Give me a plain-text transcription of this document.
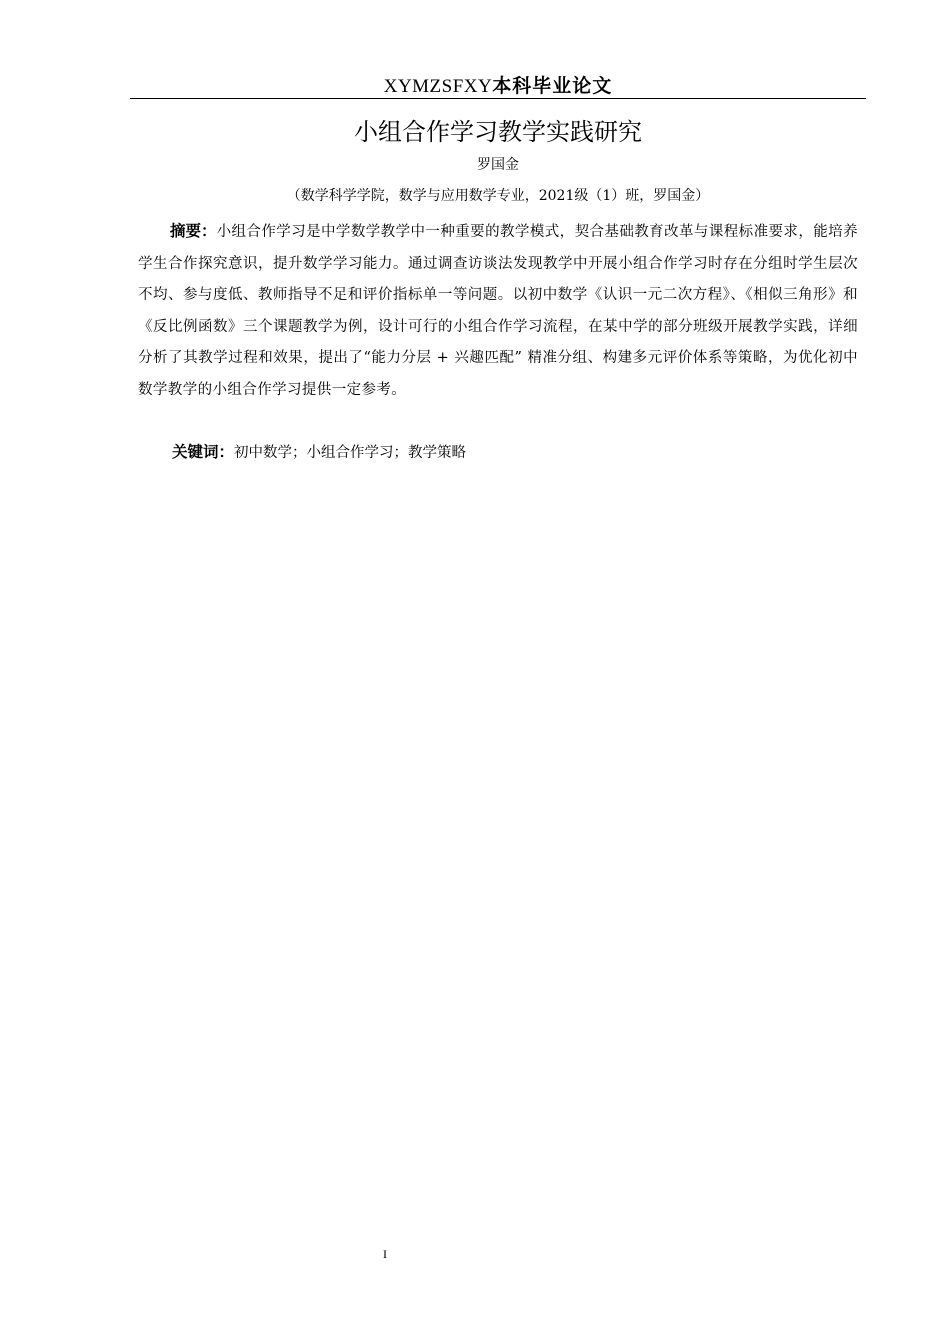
XYMZSFXY本科毕业论文
小组合作学习教学实践研究
罗国金
（数学科学学院，数学与应用数学专业，2021级（1）班，罗国金）
摘要：小组合作学习是中学数学教学中一种重要的教学模式，契合基础教育改革与课程标准要求，能培养学生合作探究意识，提升数学学习能力。通过调查访谈法发现教学中开展小组合作学习时存在分组时学生层次不均、参与度低、教师指导不足和评价指标单一等问题。以初中数学《认识一元二次方程》、《相似三角形》和《反比例函数》三个课题教学为例，设计可行的小组合作学习流程，在某中学的部分班级开展教学实践，详细分析了其教学过程和效果，提出了“能力分层 + 兴趣匹配” 精准分组、构建多元评价体系等策略，为优化初中数学教学的小组合作学习提供一定参考。
关键词：初中数学；小组合作学习；教学策略
I
